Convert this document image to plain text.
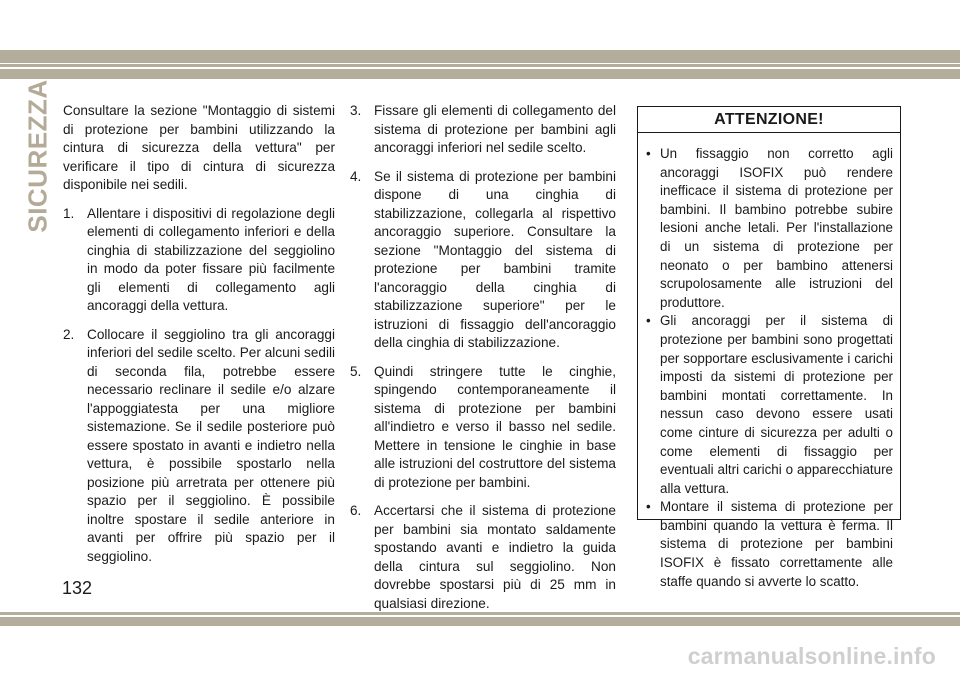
SICUREZZA Consultare la sezione "Montaggio di sistemi di protezione per bambini utilizzando la cintura di sicurezza della vettura" per verificare il tipo di cintura di sicurezza disponibile nei sedili.

1. Allentare i dispositivi di regolazione degli elementi di collegamento inferiori e della cinghia di stabilizzazione del seggiolino in modo da poter fissare più facilmente gli elementi di collegamento agli ancoraggi della vettura.
2. Collocare il seggiolino tra gli ancoraggi inferiori del sedile scelto. Per alcuni sedili di seconda fila, potrebbe essere necessario reclinare il sedile e/o alzare l'appoggiatesta per una migliore sistemazione. Se il sedile posteriore può essere spostato in avanti e indietro nella vettura, è possibile spostarlo nella posizione più arretrata per ottenere più spazio per il seggiolino. È possibile inoltre spostare il sedile anteriore in avanti per offrire più spazio per il seggiolino.
3. Fissare gli elementi di collegamento del sistema di protezione per bambini agli ancoraggi inferiori nel sedile scelto.
4. Se il sistema di protezione per bambini dispone di una cinghia di stabilizzazione, collegarla al rispettivo ancoraggio superiore. Consultare la sezione "Montaggio del sistema di protezione per bambini tramite l'ancoraggio della cinghia di stabilizzazione superiore" per le istruzioni di fissaggio dell'ancoraggio della cinghia di stabilizzazione.
5. Quindi stringere tutte le cinghie, spingendo contemporaneamente il sistema di protezione per bambini all'indietro e verso il basso nel sedile. Mettere in tensione le cinghie in base alle istruzioni del costruttore del sistema di protezione per bambini.
6. Accertarsi che il sistema di protezione per bambini sia montato saldamente spostando avanti e indietro la guida della cintura sul seggiolino. Non dovrebbe spostarsi più di 25 mm in qualsiasi direzione.
ATTENZIONE!
• Un fissaggio non corretto agli ancoraggi ISOFIX può rendere inefficace il sistema di protezione per bambini. Il bambino potrebbe subire lesioni anche letali. Per l'installazione di un sistema di protezione per neonato o per bambino attenersi scrupolosamente alle istruzioni del produttore.
• Gli ancoraggi per il sistema di protezione per bambini sono progettati per sopportare esclusivamente i carichi imposti da sistemi di protezione per bambini montati correttamente. In nessun caso devono essere usati come cinture di sicurezza per adulti o come elementi di fissaggio per eventuali altri carichi o apparecchiature alla vettura.
• Montare il sistema di protezione per bambini quando la vettura è ferma. Il sistema di protezione per bambini ISOFIX è fissato correttamente alle staffe quando si avverte lo scatto.
132
carmanualsonline.info
